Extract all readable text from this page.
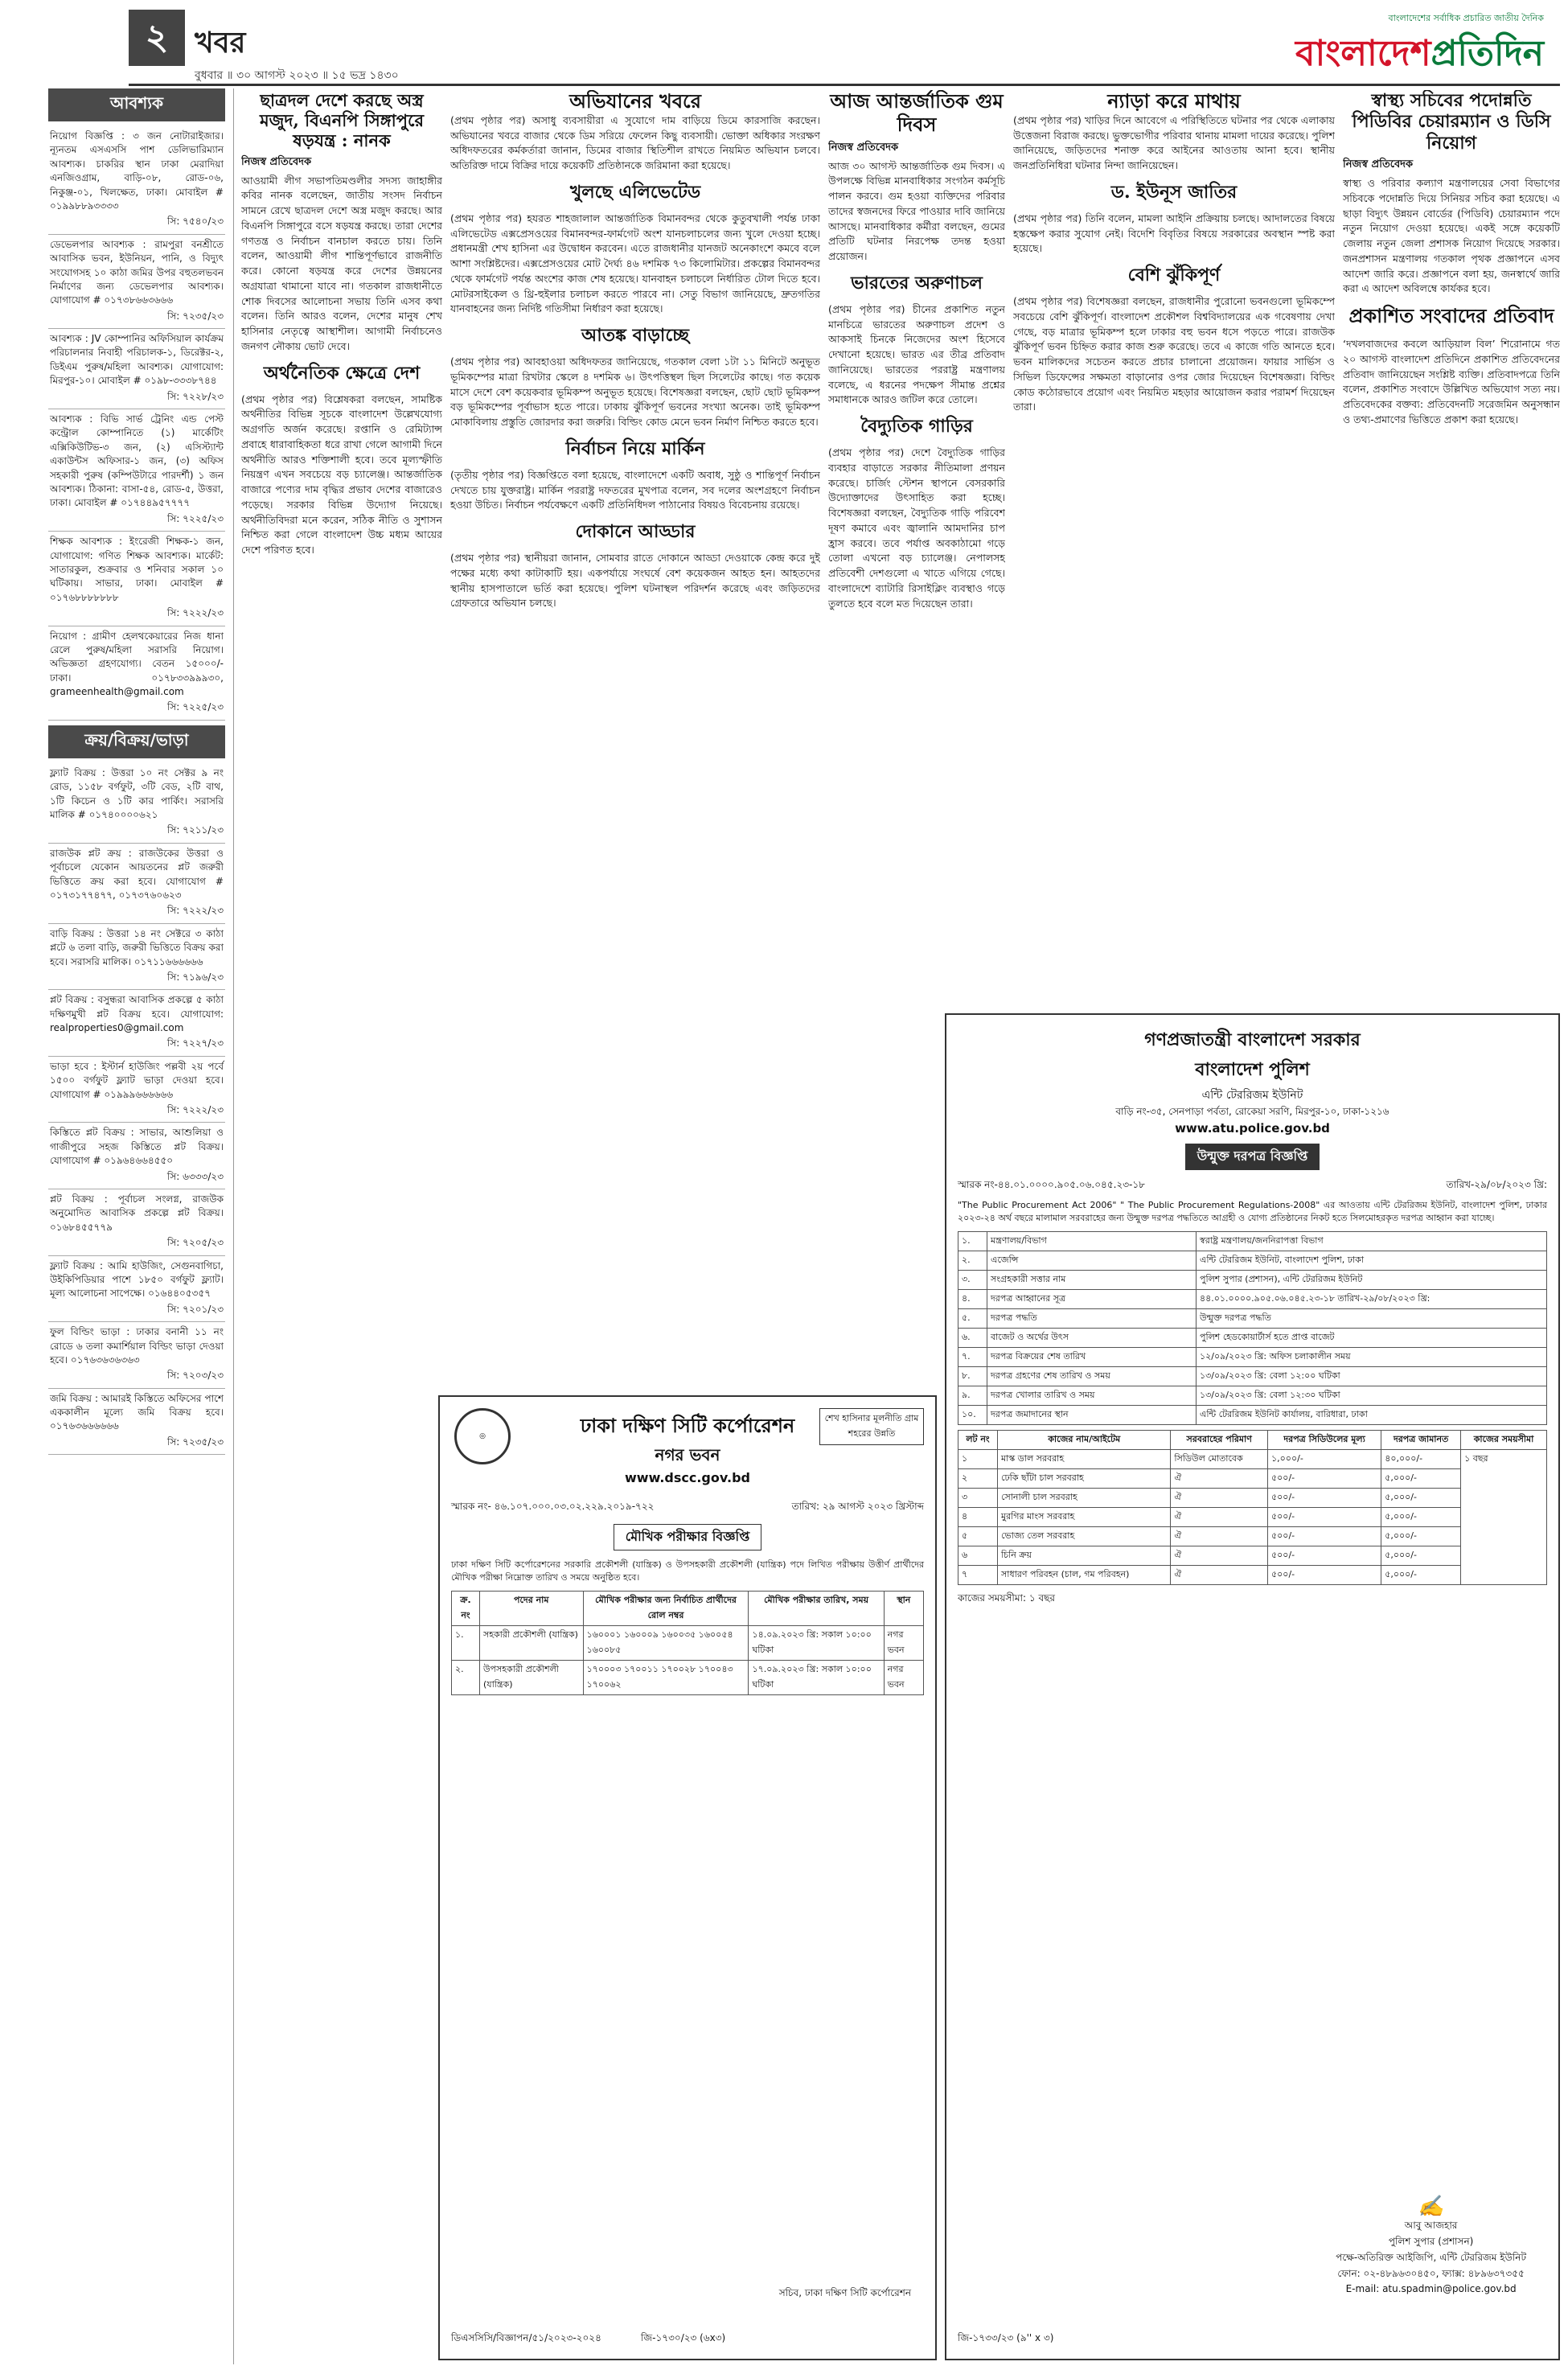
২ খবর
বুধবার ॥ ৩০ আগস্ট ২০২৩ ॥ ১৫ ভদ্র ১৪৩০
বাংলাদেশের সর্বাধিক প্রচারিত জাতীয় দৈনিক
বাংলাদেশপ্রতিদিন
আবশ্যক
নিয়োগ বিজ্ঞপ্তি : ৩ জন নোটারাইজার। ন্যূনতম এসএসসি পাশ ডেলিভারিম্যান আবশ্যক। চাকরির স্থান ঢাকা মেরাদিয়া এনজিওগ্রাম, বাড়ি-০৮, রোড-০৬, নিকুঞ্জ-০১, খিলক্ষেত, ঢাকা। মোবাইল # ০১৯৯৮৮৯৩৩৩৩
সি: ৭৫৪০/২৩
ডেভেলপার আবশ্যক : রামপুরা বনশ্রীতে আবাসিক ভবন, ইউনিয়ন, পানি, ও বিদ্যুৎ সংযোগসহ ১০ কাঠা জমির উপর বহুতলভবন নির্মাণের জন্য ডেভেলপার আবশ্যক। যোগাযোগ # ০১৭৩৮৬৬৩৬৬৬
সি: ৭২৩৫/২৩
আবশ্যক : JV কোম্পানির অফিসিয়াল কার্যক্রম পরিচালনার নিবাহী পরিচালক-১, ডিরেক্টর-২, ডিইএম পুরুষ/মহিলা আবশ্যক। যোগাযোগ: মিরপুর-১০। মোবাইল # ০১৯৮-৩৩৩৮৭৪৪
সি: ৭২২৮/২৩
আবশ্যক : বিভি সার্ভ ট্রেনিং এন্ড পেস্ট কন্ট্রোল কোম্পানিতে (১) মার্কেটিং এক্সিকিউটিভ-৩ জন, (২) এসিস্ট্যান্ট একাউন্টস অফিসার-১ জন, (৩) অফিস সহকারী পুরুষ (কম্পিউটারে পারদর্শী) ১ জন আবশ্যক। ঠিকানা: বাসা-৫৪, রোড-৫, উত্তরা, ঢাকা। মোবাইল # ০১৭৪৪৯৫৭৭৭৭
সি: ৭২২৫/২৩
শিক্ষক আবশ্যক : ইংরেজী শিক্ষক-১ জন, যোগাযোগ: গণিত শিক্ষক আবশ্যক। মার্কেট: সাতারকুল, শুক্রবার ও শনিবার সকাল ১০ ঘটিকায়। সাভার, ঢাকা। মোবাইল # ০১৭৬৮৮৮৮৮৮৮
সি: ৭২২২/২৩
নিয়োগ : গ্রামীণ হেলথকেয়ারের নিজ ধানা রেলে পুরুষ/মহিলা সরাসরি নিয়োগ। অভিজ্ঞতা গ্রহণযোগ্য। বেতন ১৫০০০/- ঢাকা। ০১৭৮৩৩৯৯৯৩০, grameenhealth@gmail.com
সি: ৭২২৫/২৩
ক্রয়/বিক্রয়/ভাড়া
ফ্ল্যাট বিক্রয় : উত্তরা ১০ নং সেক্টর ৯ নং রোড, ১১৫৮ বর্গফুট, ৩টি বেড, ২টি বাথ, ১টি কিচেন ও ১টি কার পার্কিং। সরাসরি মালিক # ০১৭৪০০০০৬২১
সি: ৭২১১/২৩
রাজউক প্লট ক্রয় : রাজউকের উত্তরা ও পূর্বাচলে যেকোন আয়তনের প্লট জরুরী ভিত্তিতে ক্রয় করা হবে। যোগাযোগ # ০১৭৩১৭৭৪৭৭, ০১৭৩৭৬০৬২৩
সি: ৭২২২/২৩
বাড়ি বিক্রয় : উত্তরা ১৪ নং সেক্টরে ৩ কাঠা প্লটে ৬ তলা বাড়ি, জরুরী ভিত্তিতে বিক্রয় করা হবে। সরাসরি মালিক। ০১৭১১৬৬৬৬৬৬
সি: ৭১৯৬/২৩
প্লট বিক্রয় : বসুন্ধরা আবাসিক প্রকল্পে ৫ কাঠা দক্ষিণমুখী প্লট বিক্রয় হবে। যোগাযোগ: realproperties0@gmail.com
সি: ৭২২৭/২৩
ভাড়া হবে : ইস্টার্ন হাউজিং পল্লবী ২য় পর্বে ১৫০০ বর্গফুট ফ্ল্যাট ভাড়া দেওয়া হবে। যোগাযোগ # ০১৯৯৯৬৬৬৬৬৬
সি: ৭২২২/২৩
কিস্তিতে প্লট বিক্রয় : সাভার, আশুলিয়া ও গাজীপুরে সহজ কিস্তিতে প্লট বিক্রয়। যোগাযোগ # ০১৯৬৪৬৬৪৫৫০
সি: ৬৩৩৩/২৩
প্লট বিক্রয় : পূর্বাচল সংলগ্ন, রাজউক অনুমোদিত আবাসিক প্রকল্পে প্লট বিক্রয়। ০১৬৮৪৫৫৭৭৯
সি: ৭২০৫/২৩
ফ্ল্যাট বিক্রয় : আমি হাউজিং, সেগুনবাগিচা, উইকিপিডিয়ার পাশে ১৮৫০ বর্গফুট ফ্ল্যাট। মূল্য আলোচনা সাপেক্ষে। ০১৬৪৪০৫৩৫৭
সি: ৭২০১/২৩
ফুল বিল্ডিং ভাড়া : ঢাকার বনানী ১১ নং রোডে ৬ তলা কমার্শিয়াল বিল্ডিং ভাড়া দেওয়া হবে। ০১৭৬৩৬৩৬৩৬৩
সি: ৭২০৩/২৩
জমি বিক্রয় : আমারই কিস্তিতে অফিসের পাশে এককালীন মূল্যে জমি বিক্রয় হবে। ০১৭৬৩৬৬৬৬৬৬
সি: ৭২৩৫/২৩
ছাত্রদল দেশে করছে অস্ত্র মজুদ, বিএনপি সিঙ্গাপুরে ষড়যন্ত্র : নানক
নিজস্ব প্রতিবেদক

আওয়ামী লীগ সভাপতিমণ্ডলীর সদস্য জাহাঙ্গীর কবির নানক বলেছেন, জাতীয় সংসদ নির্বাচন সামনে রেখে ছাত্রদল দেশে অস্ত্র মজুদ করছে। আর বিএনপি সিঙ্গাপুরে বসে ষড়যন্ত্র করছে। তারা দেশের গণতন্ত্র ও নির্বাচন বানচাল করতে চায়। তিনি বলেন, আওয়ামী লীগ শান্তিপূর্ণভাবে রাজনীতি করে। কোনো ষড়যন্ত্র করে দেশের উন্নয়নের অগ্রযাত্রা থামানো যাবে না। গতকাল রাজধানীতে শোক দিবসের আলোচনা সভায় তিনি এসব কথা বলেন। তিনি আরও বলেন, দেশের মানুষ শেখ হাসিনার নেতৃত্বে আস্থাশীল। আগামী নির্বাচনেও জনগণ নৌকায় ভোট দেবে।

অর্থনৈতিক ক্ষেত্রে দেশ

(প্রথম পৃষ্ঠার পর) বিশ্লেষকরা বলছেন, সামষ্টিক অর্থনীতির বিভিন্ন সূচকে বাংলাদেশ উল্লেখযোগ্য অগ্রগতি অর্জন করেছে। রপ্তানি ও রেমিট্যান্স প্রবাহে ধারাবাহিকতা ধরে রাখা গেলে আগামী দিনে অর্থনীতি আরও শক্তিশালী হবে। তবে মূল্যস্ফীতি নিয়ন্ত্রণ এখন সবচেয়ে বড় চ্যালেঞ্জ। আন্তর্জাতিক বাজারে পণ্যের দাম বৃদ্ধির প্রভাব দেশের বাজারেও পড়েছে। সরকার বিভিন্ন উদ্যোগ নিয়েছে। অর্থনীতিবিদরা মনে করেন, সঠিক নীতি ও সুশাসন নিশ্চিত করা গেলে বাংলাদেশ উচ্চ মধ্যম আয়ের দেশে পরিণত হবে।

অভিযানের খবরে

(প্রথম পৃষ্ঠার পর) অসাধু ব্যবসায়ীরা এ সুযোগে দাম বাড়িয়ে ডিমে কারসাজি করছেন। অভিযানের খবরে বাজার থেকে ডিম সরিয়ে ফেলেন কিছু ব্যবসায়ী। ভোক্তা অধিকার সংরক্ষণ অধিদফতরের কর্মকর্তারা জানান, ডিমের বাজার স্থিতিশীল রাখতে নিয়মিত অভিযান চলবে। অতিরিক্ত দামে বিক্রির দায়ে কয়েকটি প্রতিষ্ঠানকে জরিমানা করা হয়েছে।

খুলছে এলিভেটেড

(প্রথম পৃষ্ঠার পর) হযরত শাহজালাল আন্তর্জাতিক বিমানবন্দর থেকে কুতুবখালী পর্যন্ত ঢাকা এলিভেটেড এক্সপ্রেসওয়ের বিমানবন্দর-ফার্মগেট অংশ যানচলাচলের জন্য খুলে দেওয়া হচ্ছে। প্রধানমন্ত্রী শেখ হাসিনা এর উদ্বোধন করবেন। এতে রাজধানীর যানজট অনেকাংশে কমবে বলে আশা সংশ্লিষ্টদের। এক্সপ্রেসওয়ের মোট দৈর্ঘ্য ৪৬ দশমিক ৭৩ কিলোমিটার। প্রকল্পের বিমানবন্দর থেকে ফার্মগেট পর্যন্ত অংশের কাজ শেষ হয়েছে। যানবাহন চলাচলে নির্ধারিত টোল দিতে হবে। মোটরসাইকেল ও থ্রি-হুইলার চলাচল করতে পারবে না। সেতু বিভাগ জানিয়েছে, দ্রুতগতির যানবাহনের জন্য নির্দিষ্ট গতিসীমা নির্ধারণ করা হয়েছে।

আতঙ্ক বাড়াচ্ছে

(প্রথম পৃষ্ঠার পর) আবহাওয়া অধিদফতর জানিয়েছে, গতকাল বেলা ১টা ১১ মিনিটে অনুভূত ভূমিকম্পের মাত্রা রিখটার স্কেলে ৪ দশমিক ৬। উৎপত্তিস্থল ছিল সিলেটের কাছে। গত কয়েক মাসে দেশে বেশ কয়েকবার ভূমিকম্প অনুভূত হয়েছে। বিশেষজ্ঞরা বলছেন, ছোট ছোট ভূমিকম্প বড় ভূমিকম্পের পূর্বাভাস হতে পারে। ঢাকায় ঝুঁকিপূর্ণ ভবনের সংখ্যা অনেক। তাই ভূমিকম্প মোকাবিলায় প্রস্তুতি জোরদার করা জরুরি। বিল্ডিং কোড মেনে ভবন নির্মাণ নিশ্চিত করতে হবে।

নির্বাচন নিয়ে মার্কিন

(তৃতীয় পৃষ্ঠার পর) বিজ্ঞপ্তিতে বলা হয়েছে, বাংলাদেশে একটি অবাধ, সুষ্ঠু ও শান্তিপূর্ণ নির্বাচন দেখতে চায় যুক্তরাষ্ট্র। মার্কিন পররাষ্ট্র দফতরের মুখপাত্র বলেন, সব দলের অংশগ্রহণে নির্বাচন হওয়া উচিত। নির্বাচন পর্যবেক্ষণে একটি প্রতিনিধিদল পাঠানোর বিষয়ও বিবেচনায় রয়েছে।

দোকানে আড্ডার

(প্রথম পৃষ্ঠার পর) স্থানীয়রা জানান, সোমবার রাতে দোকানে আড্ডা দেওয়াকে কেন্দ্র করে দুই পক্ষের মধ্যে কথা কাটাকাটি হয়। একপর্যায়ে সংঘর্ষে বেশ কয়েকজন আহত হন। আহতদের স্থানীয় হাসপাতালে ভর্তি করা হয়েছে। পুলিশ ঘটনাস্থল পরিদর্শন করেছে এবং জড়িতদের গ্রেফতারে অভিযান চলছে।

আজ আন্তর্জাতিক গুম দিবস
নিজস্ব প্রতিবেদক

আজ ৩০ আগস্ট আন্তর্জাতিক গুম দিবস। এ উপলক্ষে বিভিন্ন মানবাধিকার সংগঠন কর্মসূচি পালন করবে। গুম হওয়া ব্যক্তিদের পরিবার তাদের স্বজনদের ফিরে পাওয়ার দাবি জানিয়ে আসছে। মানবাধিকার কর্মীরা বলছেন, গুমের প্রতিটি ঘটনার নিরপেক্ষ তদন্ত হওয়া প্রয়োজন।

ভারতের অরুণাচল

(প্রথম পৃষ্ঠার পর) চীনের প্রকাশিত নতুন মানচিত্রে ভারতের অরুণাচল প্রদেশ ও আকসাই চিনকে নিজেদের অংশ হিসেবে দেখানো হয়েছে। ভারত এর তীব্র প্রতিবাদ জানিয়েছে। ভারতের পররাষ্ট্র মন্ত্রণালয় বলেছে, এ ধরনের পদক্ষেপ সীমান্ত প্রশ্নের সমাধানকে আরও জটিল করে তোলে।

বৈদ্যুতিক গাড়ির

(প্রথম পৃষ্ঠার পর) দেশে বৈদ্যুতিক গাড়ির ব্যবহার বাড়াতে সরকার নীতিমালা প্রণয়ন করেছে। চার্জিং স্টেশন স্থাপনে বেসরকারি উদ্যোক্তাদের উৎসাহিত করা হচ্ছে। বিশেষজ্ঞরা বলছেন, বৈদ্যুতিক গাড়ি পরিবেশ দূষণ কমাবে এবং জ্বালানি আমদানির চাপ হ্রাস করবে। তবে পর্যাপ্ত অবকাঠামো গড়ে তোলা এখনো বড় চ্যালেঞ্জ। নেপালসহ প্রতিবেশী দেশগুলো এ খাতে এগিয়ে গেছে। বাংলাদেশে ব্যাটারি রিসাইক্লিং ব্যবস্থাও গড়ে তুলতে হবে বলে মত দিয়েছেন তারা।

ন্যাড়া করে মাথায়

(প্রথম পৃষ্ঠার পর) খাড়ির দিনে আবেগে এ পরিস্থিতিতে ঘটনার পর থেকে এলাকায় উত্তেজনা বিরাজ করছে। ভুক্তভোগীর পরিবার থানায় মামলা দায়ের করেছে। পুলিশ জানিয়েছে, জড়িতদের শনাক্ত করে আইনের আওতায় আনা হবে। স্থানীয় জনপ্রতিনিধিরা ঘটনার নিন্দা জানিয়েছেন।

ড. ইউনূস জাতির

(প্রথম পৃষ্ঠার পর) তিনি বলেন, মামলা আইনি প্রক্রিয়ায় চলছে। আদালতের বিষয়ে হস্তক্ষেপ করার সুযোগ নেই। বিদেশি বিবৃতির বিষয়ে সরকারের অবস্থান স্পষ্ট করা হয়েছে।

বেশি ঝুঁকিপূর্ণ

(প্রথম পৃষ্ঠার পর) বিশেষজ্ঞরা বলছেন, রাজধানীর পুরোনো ভবনগুলো ভূমিকম্পে সবচেয়ে বেশি ঝুঁকিপূর্ণ। বাংলাদেশ প্রকৌশল বিশ্ববিদ্যালয়ের এক গবেষণায় দেখা গেছে, বড় মাত্রার ভূমিকম্প হলে ঢাকার বহু ভবন ধসে পড়তে পারে। রাজউক ঝুঁকিপূর্ণ ভবন চিহ্নিত করার কাজ শুরু করেছে। তবে এ কাজে গতি আনতে হবে। ভবন মালিকদের সচেতন করতে প্রচার চালানো প্রয়োজন। ফায়ার সার্ভিস ও সিভিল ডিফেন্সের সক্ষমতা বাড়ানোর ওপর জোর দিয়েছেন বিশেষজ্ঞরা। বিল্ডিং কোড কঠোরভাবে প্রয়োগ এবং নিয়মিত মহড়ার আয়োজন করার পরামর্শ দিয়েছেন তারা।

স্বাস্থ্য সচিবের পদোন্নতি পিডিবির চেয়ারম্যান ও ডিসি নিয়োগ
নিজস্ব প্রতিবেদক

স্বাস্থ্য ও পরিবার কল্যাণ মন্ত্রণালয়ের সেবা বিভাগের সচিবকে পদোন্নতি দিয়ে সিনিয়র সচিব করা হয়েছে। এ ছাড়া বিদ্যুৎ উন্নয়ন বোর্ডের (পিডিবি) চেয়ারম্যান পদে নতুন নিয়োগ দেওয়া হয়েছে। একই সঙ্গে কয়েকটি জেলায় নতুন জেলা প্রশাসক নিয়োগ দিয়েছে সরকার। জনপ্রশাসন মন্ত্রণালয় গতকাল পৃথক প্রজ্ঞাপনে এসব আদেশ জারি করে। প্রজ্ঞাপনে বলা হয়, জনস্বার্থে জারি করা এ আদেশ অবিলম্বে কার্যকর হবে।

প্রকাশিত সংবাদের প্রতিবাদ

‘দখলবাজদের কবলে আড়িয়াল বিল’ শিরোনামে গত ২০ আগস্ট বাংলাদেশ প্রতিদিনে প্রকাশিত প্রতিবেদনের প্রতিবাদ জানিয়েছেন সংশ্লিষ্ট ব্যক্তি। প্রতিবাদপত্রে তিনি বলেন, প্রকাশিত সংবাদে উল্লিখিত অভিযোগ সত্য নয়। প্রতিবেদকের বক্তব্য: প্রতিবেদনটি সরেজমিন অনুসন্ধান ও তথ্য-প্রমাণের ভিত্তিতে প্রকাশ করা হয়েছে।

◎
শেখ হাসিনার মূলনীতি গ্রাম শহরের উন্নতি
ঢাকা দক্ষিণ সিটি কর্পোরেশন
নগর ভবন
www.dscc.gov.bd
স্মারক নং- ৪৬.১০৭.০০০.০৩.০২.২২৯.২০১৯-৭২২	তারিখ: ২৯ আগস্ট ২০২৩ খ্রিস্টাব্দ
মৌখিক পরীক্ষার বিজ্ঞপ্তি

ঢাকা দক্ষিণ সিটি কর্পোরেশনের সরকারি প্রকৌশলী (যান্ত্রিক) ও উপসহকারী প্রকৌশলী (যান্ত্রিক) পদে লিখিত পরীক্ষায় উত্তীর্ণ প্রার্থীদের মৌখিক পরীক্ষা নিম্নোক্ত তারিখ ও সময়ে অনুষ্ঠিত হবে।

ক্র. নং	পদের নাম	মৌখিক পরীক্ষার জন্য নির্বাচিত প্রার্থীদের রোল নম্বর	মৌখিক পরীক্ষার তারিখ, সময়	স্থান
১.	সহকারী প্রকৌশলী (যান্ত্রিক)	১৬০০০১ ১৬০০০৯ ১৬০০৩৫ ১৬০০৫৪ ১৬০০৮৫	১৪.০৯.২০২৩ খ্রি: সকাল ১০:০০ ঘটিকা	নগর ভবন
২.	উপসহকারী প্রকৌশলী (যান্ত্রিক)	১৭০০০৩ ১৭০০১১ ১৭০০২৮ ১৭০০৪৩ ১৭০০৬২	১৭.০৯.২০২৩ খ্রি: সকাল ১০:০০ ঘটিকা	নগর ভবন
সচিব, ঢাকা দক্ষিণ সিটি কর্পোরেশন
ডিএসসিসি/বিজ্ঞাপন/৫১/২০২৩-২০২৪	জি-১৭৩০/২৩ (৬x৩)
গণপ্রজাতন্ত্রী বাংলাদেশ সরকার
বাংলাদেশ পুলিশ
এন্টি টেররিজম ইউনিট
বাড়ি নং-৩৫, সেনপাড়া পর্বতা, রোকেয়া সরণি, মিরপুর-১০, ঢাকা-১২১৬
www.atu.police.gov.bd
উন্মুক্ত দরপত্র বিজ্ঞপ্তি
স্মারক নং-৪৪.০১.০০০০.৯০৫.০৬.০৪৫.২৩-১৮	তারিখ-২৯/০৮/২০২৩ খ্রি:

"The Public Procurement Act 2006" " The Public Procurement Regulations-2008" এর আওতায় এন্টি টেররিজম ইউনিট, বাংলাদেশ পুলিশ, ঢাকার ২০২৩-২৪ অর্থ বছরে মালামাল সরবরাহের জন্য উন্মুক্ত দরপত্র পদ্ধতিতে আগ্রহী ও যোগ্য প্রতিষ্ঠানের নিকট হতে সিলমোহরকৃত দরপত্র আহ্বান করা যাচ্ছে।

১.	মন্ত্রণালয়/বিভাগ	স্বরাষ্ট্র মন্ত্রণালয়/জননিরাপত্তা বিভাগ
২.	এজেন্সি	এন্টি টেররিজম ইউনিট, বাংলাদেশ পুলিশ, ঢাকা
৩.	সংগ্রহকারী সত্তার নাম	পুলিশ সুপার (প্রশাসন), এন্টি টেররিজম ইউনিট
৪.	দরপত্র আহ্বানের সূত্র	৪৪.০১.০০০০.৯০৫.০৬.০৪৫.২৩-১৮ তারিখ-২৯/০৮/২০২৩ খ্রি:
৫.	দরপত্র পদ্ধতি	উন্মুক্ত দরপত্র পদ্ধতি
৬.	বাজেট ও অর্থের উৎস	পুলিশ হেডকোয়ার্টার্স হতে প্রাপ্ত বাজেট
৭.	দরপত্র বিক্রয়ের শেষ তারিখ	১২/০৯/২০২৩ খ্রি: অফিস চলাকালীন সময়
৮.	দরপত্র গ্রহণের শেষ তারিখ ও সময়	১৩/০৯/২০২৩ খ্রি: বেলা ১২:০০ ঘটিকা
৯.	দরপত্র খোলার তারিখ ও সময়	১৩/০৯/২০২৩ খ্রি: বেলা ১২:৩০ ঘটিকা
১০.	দরপত্র জমাদানের স্থান	এন্টি টেররিজম ইউনিট কার্যালয়, বারিধারা, ঢাকা
লট নং	কাজের নাম/আইটেম	সরবরাহের পরিমাণ	দরপত্র সিডিউলের মূল্য	দরপত্র জামানত	কাজের সময়সীমা
১	মাস্ক ডাল সরবরাহ	সিডিউল মোতাবেক	১,০০০/-	৪০,০০০/-	১ বছর
২	ঢেকি ছাঁটা চাল সরবরাহ	ঐ	৫০০/-	৫,০০০/-	
৩	সোনালী চাল সরবরাহ	ঐ	৫০০/-	৫,০০০/-	
৪	মুরগির মাংস সরবরাহ	ঐ	৫০০/-	৫,০০০/-	
৫	ভোজ্য তেল সরবরাহ	ঐ	৫০০/-	৫,০০০/-	
৬	চিনি ক্রয়	ঐ	৫০০/-	৫,০০০/-	
৭	সাধারণ পরিবহন (চাল, গম পরিবহন)	ঐ	৫০০/-	৫,০০০/-	
কাজের সময়সীমা: ১ বছর
✍
আবু আজহার
পুলিশ সুপার (প্রশাসন)
পক্ষে-অতিরিক্ত আইজিপি, এন্টি টেররিজম ইউনিট
ফোন: ০২-৪৮৯৬৩০৪৫০, ফ্যাক্স: ৪৮৯৬৩৭৩৫৫
E-mail: atu.spadmin@police.gov.bd
জি-১৭৩৩/২৩ (৯'' x ৩)
